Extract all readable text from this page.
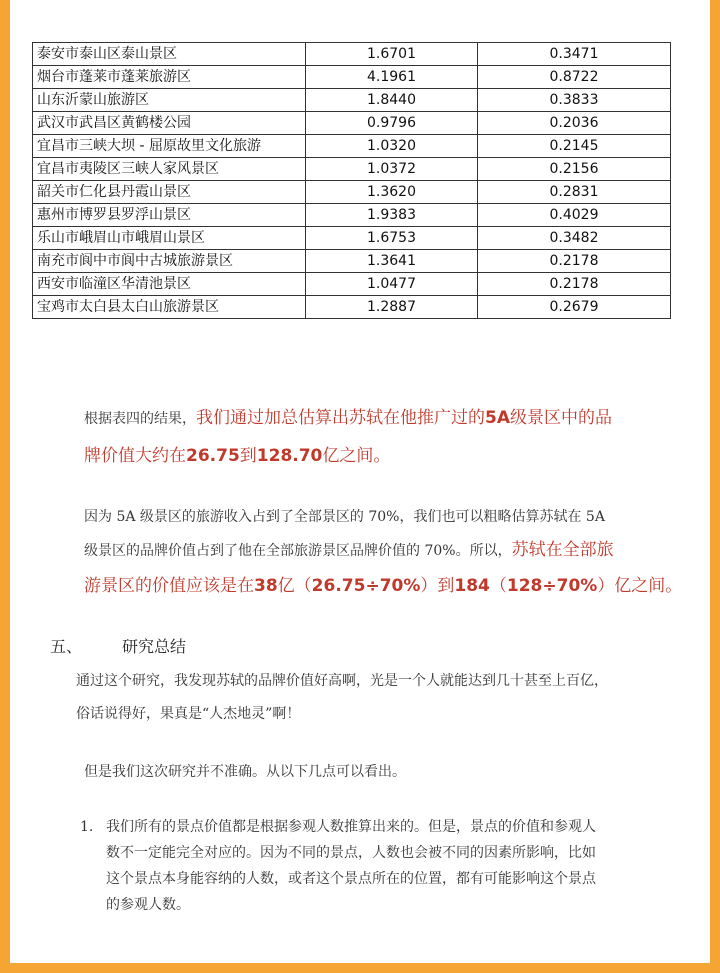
泰安市泰山区泰山景区	1.6701	0.3471
烟台市蓬莱市蓬莱旅游区	4.1961	0.8722
山东沂蒙山旅游区	1.8440	0.3833
武汉市武昌区黄鹤楼公园	0.9796	0.2036
宜昌市三峡大坝 - 屈原故里文化旅游	1.0320	0.2145
宜昌市夷陵区三峡人家风景区	1.0372	0.2156
韶关市仁化县丹霞山景区	1.3620	0.2831
惠州市博罗县罗浮山景区	1.9383	0.4029
乐山市峨眉山市峨眉山景区	1.6753	0.3482
南充市阆中市阆中古城旅游景区	1.3641	0.2178
西安市临潼区华清池景区	1.0477	0.2178
宝鸡市太白县太白山旅游景区	1.2887	0.2679
根据表四的结果，我们通过加总估算出苏轼在他推广过的5A级景区中的品
牌价值大约在26.75到128.70亿之间。
因为 5A 级景区的旅游收入占到了全部景区的 70%，我们也可以粗略估算苏轼在 5A
级景区的品牌价值占到了他在全部旅游景区品牌价值的 70%。所以，苏轼在全部旅
游景区的价值应该是在38亿（26.75÷70%）到184（128÷70%）亿之间。
五、 研究总结
通过这个研究，我发现苏轼的品牌价值好高啊，光是一个人就能达到几十甚至上百亿，
俗话说得好，果真是“人杰地灵”啊！
但是我们这次研究并不准确。从以下几点可以看出。
1. 我们所有的景点价值都是根据参观人数推算出来的。但是，景点的价值和参观人
数不一定能完全对应的。因为不同的景点，人数也会被不同的因素所影响，比如
这个景点本身能容纳的人数，或者这个景点所在的位置，都有可能影响这个景点
的参观人数。
